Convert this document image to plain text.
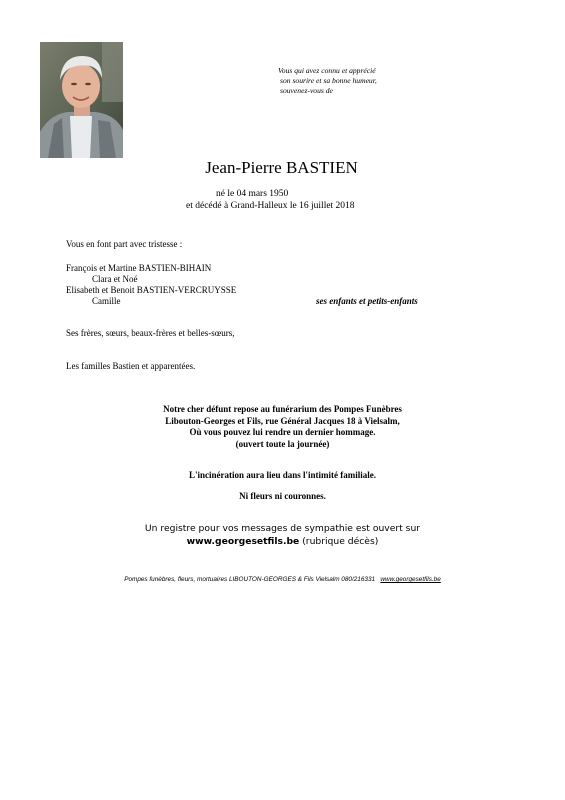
Vous qui avez connu et apprécié
son sourire et sa bonne humeur,
souvenez-vous de
Jean-Pierre BASTIEN
né le 04 mars 1950
et décédé à Grand-Halleux le 16 juillet 2018
Vous en font part avec tristesse :
François et Martine BASTIEN-BIHAIN
Clara et Noé
Elisabeth et Benoit BASTIEN-VERCRUYSSE
Camille	ses enfants et petits-enfants
Ses frères, sœurs, beaux-frères et belles-sœurs,
Les familles Bastien et apparentées.
Notre cher défunt repose au funérarium des Pompes Funèbres
Libouton-Georges et Fils, rue Général Jacques 18 à Vielsalm,
Où vous pouvez lui rendre un dernier hommage.
(ouvert toute la journée)
L'incinération aura lieu dans l'intimité familiale.
Ni fleurs ni couronnes.
Un registre pour vos messages de sympathie est ouvert sur
www.georgesetfils.be (rubrique décès)
Pompes funèbres, fleurs, mortuaires LIBOUTON-GEORGES & Fils Vielsalm 080/216331 www.georgesetfils.be
